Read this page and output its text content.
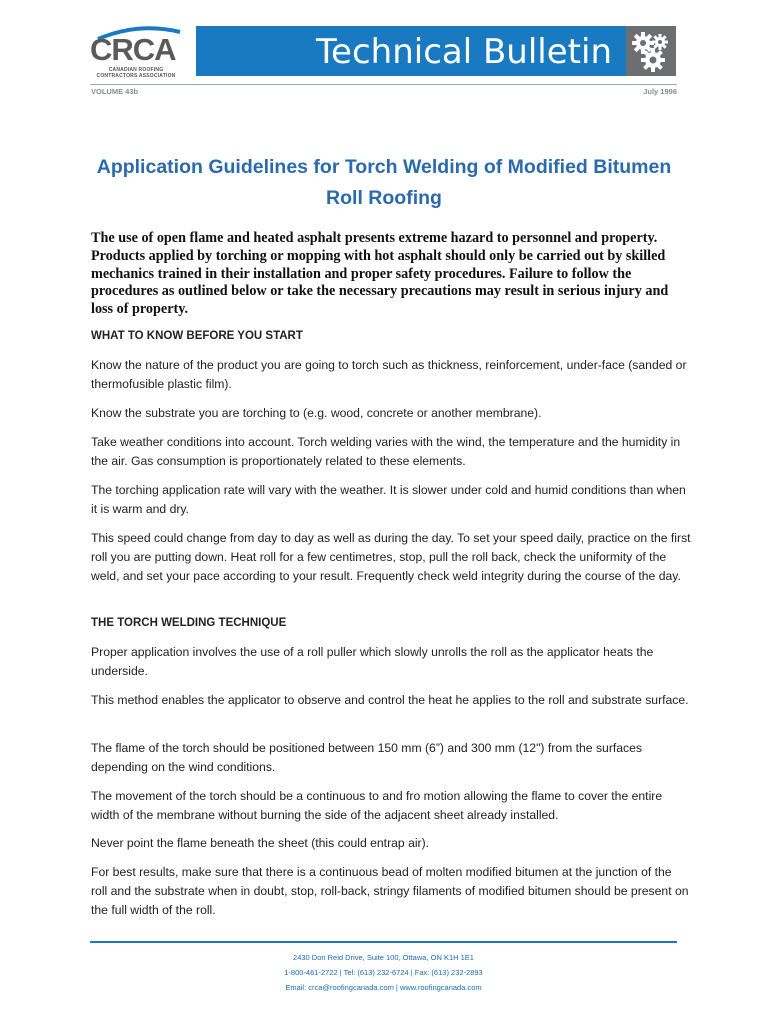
CRCA
CANADIAN ROOFING CONTRACTORS ASSOCIATION
Technical Bulletin
VOLUME 43b	July 1996
Application Guidelines for Torch Welding of Modified Bitumen
Roll Roofing
The use of open flame and heated asphalt presents extreme hazard to personnel and property. Products applied by torching or mopping with hot asphalt should only be carried out by skilled mechanics trained in their installation and proper safety procedures. Failure to follow the procedures as outlined below or take the necessary precautions may result in serious injury and loss of property.
WHAT TO KNOW BEFORE YOU START
Know the nature of the product you are going to torch such as thickness, reinforcement, under-face (sanded or thermofusible plastic film).
Know the substrate you are torching to (e.g. wood, concrete or another membrane).
Take weather conditions into account. Torch welding varies with the wind, the temperature and the humidity in the air. Gas consumption is proportionately related to these elements.
The torching application rate will vary with the weather. It is slower under cold and humid conditions than when it is warm and dry.
This speed could change from day to day as well as during the day. To set your speed daily, practice on the first roll you are putting down. Heat roll for a few centimetres, stop, pull the roll back, check the uniformity of the weld, and set your pace according to your result. Frequently check weld integrity during the course of the day.
THE TORCH WELDING TECHNIQUE
Proper application involves the use of a roll puller which slowly unrolls the roll as the applicator heats the underside.
This method enables the applicator to observe and control the heat he applies to the roll and substrate surface.
The flame of the torch should be positioned between 150 mm (6”) and 300 mm (12") from the surfaces depending on the wind conditions.
The movement of the torch should be a continuous to and fro motion allowing the flame to cover the entire width of the membrane without burning the side of the adjacent sheet already installed.
Never point the flame beneath the sheet (this could entrap air).
For best results, make sure that there is a continuous bead of molten modified bitumen at the junction of the roll and the substrate when in doubt, stop, roll-back, stringy filaments of modified bitumen should be present on the full width of the roll.
2430 Don Reid Drive, Suite 100, Ottawa, ON K1H 1E1
1-800-461-2722 | Tel: (613) 232-6724 | Fax: (613) 232-2893
Email: crca@roofingcanada.com | www.roofingcanada.com
